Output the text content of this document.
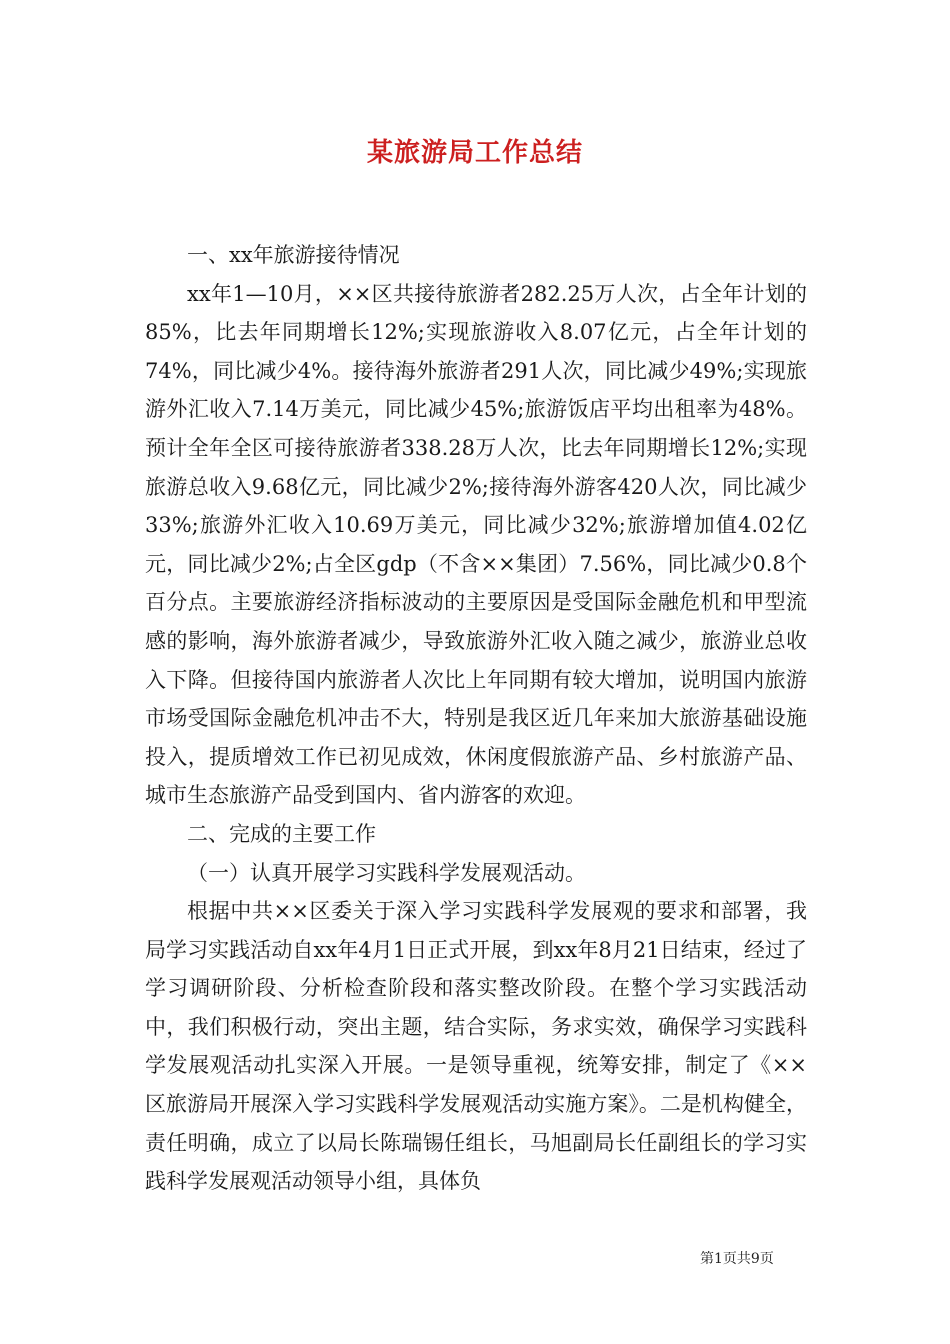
某旅游局工作总结

一、xx年旅游接待情况

xx年1—10月，××区共接待旅游者282.25万人次，占全年计划的85%，比去年同期增长12%;实现旅游收入8.07亿元，占全年计划的74%，同比减少4%。接待海外旅游者291人次，同比减少49%;实现旅游外汇收入7.14万美元，同比减少45%;旅游饭店平均出租率为48%。预计全年全区可接待旅游者338.28万人次，比去年同期增长12%;实现旅游总收入9.68亿元，同比减少2%;接待海外游客420人次，同比减少33%;旅游外汇收入10.69万美元，同比减少32%;旅游增加值4.02亿元，同比减少2%;占全区gdp（不含××集团）7.56%，同比减少0.8个百分点。主要旅游经济指标波动的主要原因是受国际金融危机和甲型流感的影响，海外旅游者减少，导致旅游外汇收入随之减少，旅游业总收入下降。但接待国内旅游者人次比上年同期有较大增加，说明国内旅游市场受国际金融危机冲击不大，特别是我区近几年来加大旅游基础设施投入，提质增效工作已初见成效，休闲度假旅游产品、乡村旅游产品、城市生态旅游产品受到国内、省内游客的欢迎。

二、完成的主要工作

（一）认真开展学习实践科学发展观活动。

根据中共××区委关于深入学习实践科学发展观的要求和部署，我局学习实践活动自xx年4月1日正式开展，到xx年8月21日结束，经过了学习调研阶段、分析检查阶段和落实整改阶段。在整个学习实践活动中，我们积极行动，突出主题，结合实际，务求实效，确保学习实践科学发展观活动扎实深入开展。一是领导重视，统筹安排，制定了《××区旅游局开展深入学习实践科学发展观活动实施方案》。二是机构健全，责任明确，成立了以局长陈瑞锡任组长，马旭副局长任副组长的学习实践科学发展观活动领导小组，具体负

第1页共9页
